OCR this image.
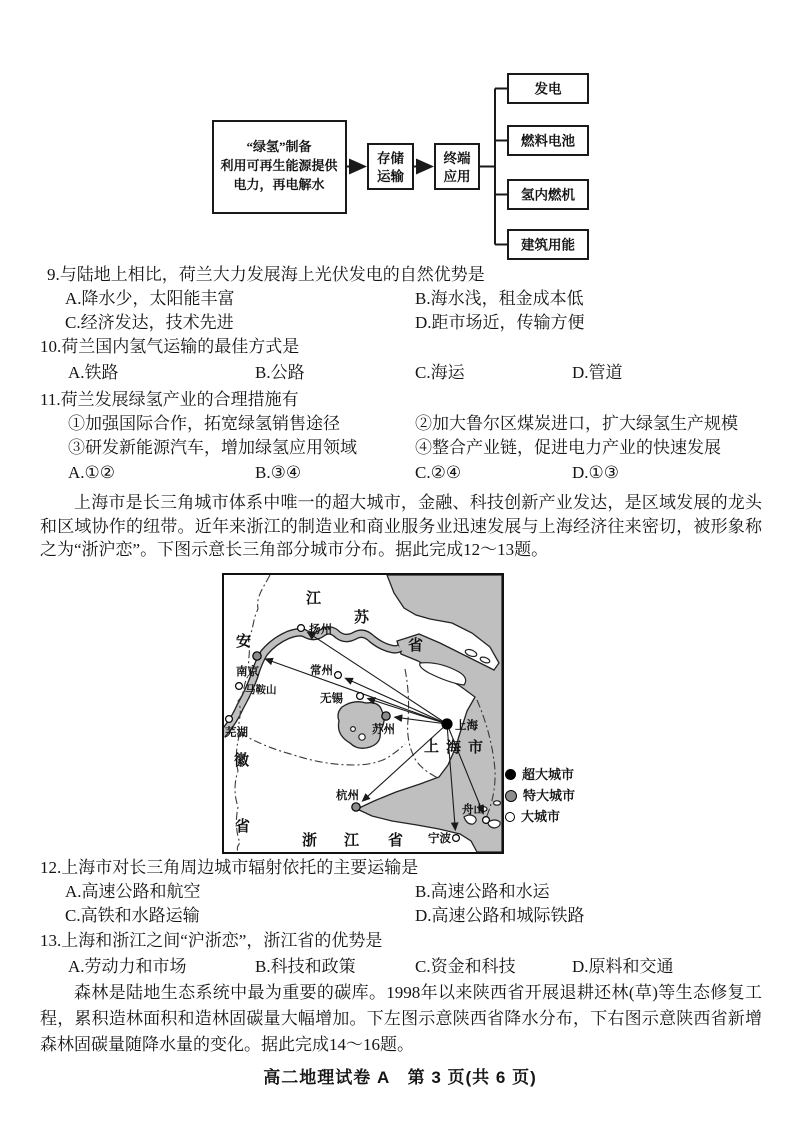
“绿氢”制备
利用可再生能源提供
电力，再电解水
存储
运输
终端
应用
发电
燃料电池
氢内燃机
建筑用能
9.与陆地上相比，荷兰大力发展海上光伏发电的自然优势是
A.降水少，太阳能丰富	B.海水浅，租金成本低
C.经济发达，技术先进	D.距市场近，传输方便
10.荷兰国内氢气运输的最佳方式是
A.铁路	B.公路	C.海运	D.管道
11.荷兰发展绿氢产业的合理措施有
①加强国际合作，拓宽绿氢销售途径	②加大鲁尔区煤炭进口，扩大绿氢生产规模
③研发新能源汽车，增加绿氢应用领域	④整合产业链，促进电力产业的快速发展
A.①②	B.③④	C.②④	D.①③
上海市是长三角城市体系中唯一的超大城市，金融、科技创新产业发达，是区域发展的龙头和区域协作的纽带。近年来浙江的制造业和商业服务业迅速发展与上海经济往来密切，被形象称之为“浙沪恋”。下图示意长三角部分城市分布。据此完成12～13题。
江
苏
省
安
徽
省
浙 江 省
上 海 市
扬州
南京
马鞍山
常州
无锡
芜湖	苏州	上海
杭州
宁波
舟山
超大城市
特大城市
大城市
12.上海市对长三角周边城市辐射依托的主要运输是
A.高速公路和航空	B.高速公路和水运
C.高铁和水路运输	D.高速公路和城际铁路
13.上海和浙江之间“沪浙恋”，浙江省的优势是
A.劳动力和市场	B.科技和政策	C.资金和科技	D.原料和交通
森林是陆地生态系统中最为重要的碳库。1998年以来陕西省开展退耕还林(草)等生态修复工程，累积造林面积和造林固碳量大幅增加。下左图示意陕西省降水分布，下右图示意陕西省新增森林固碳量随降水量的变化。据此完成14～16题。
高二地理试卷 A　第 3 页(共 6 页)
